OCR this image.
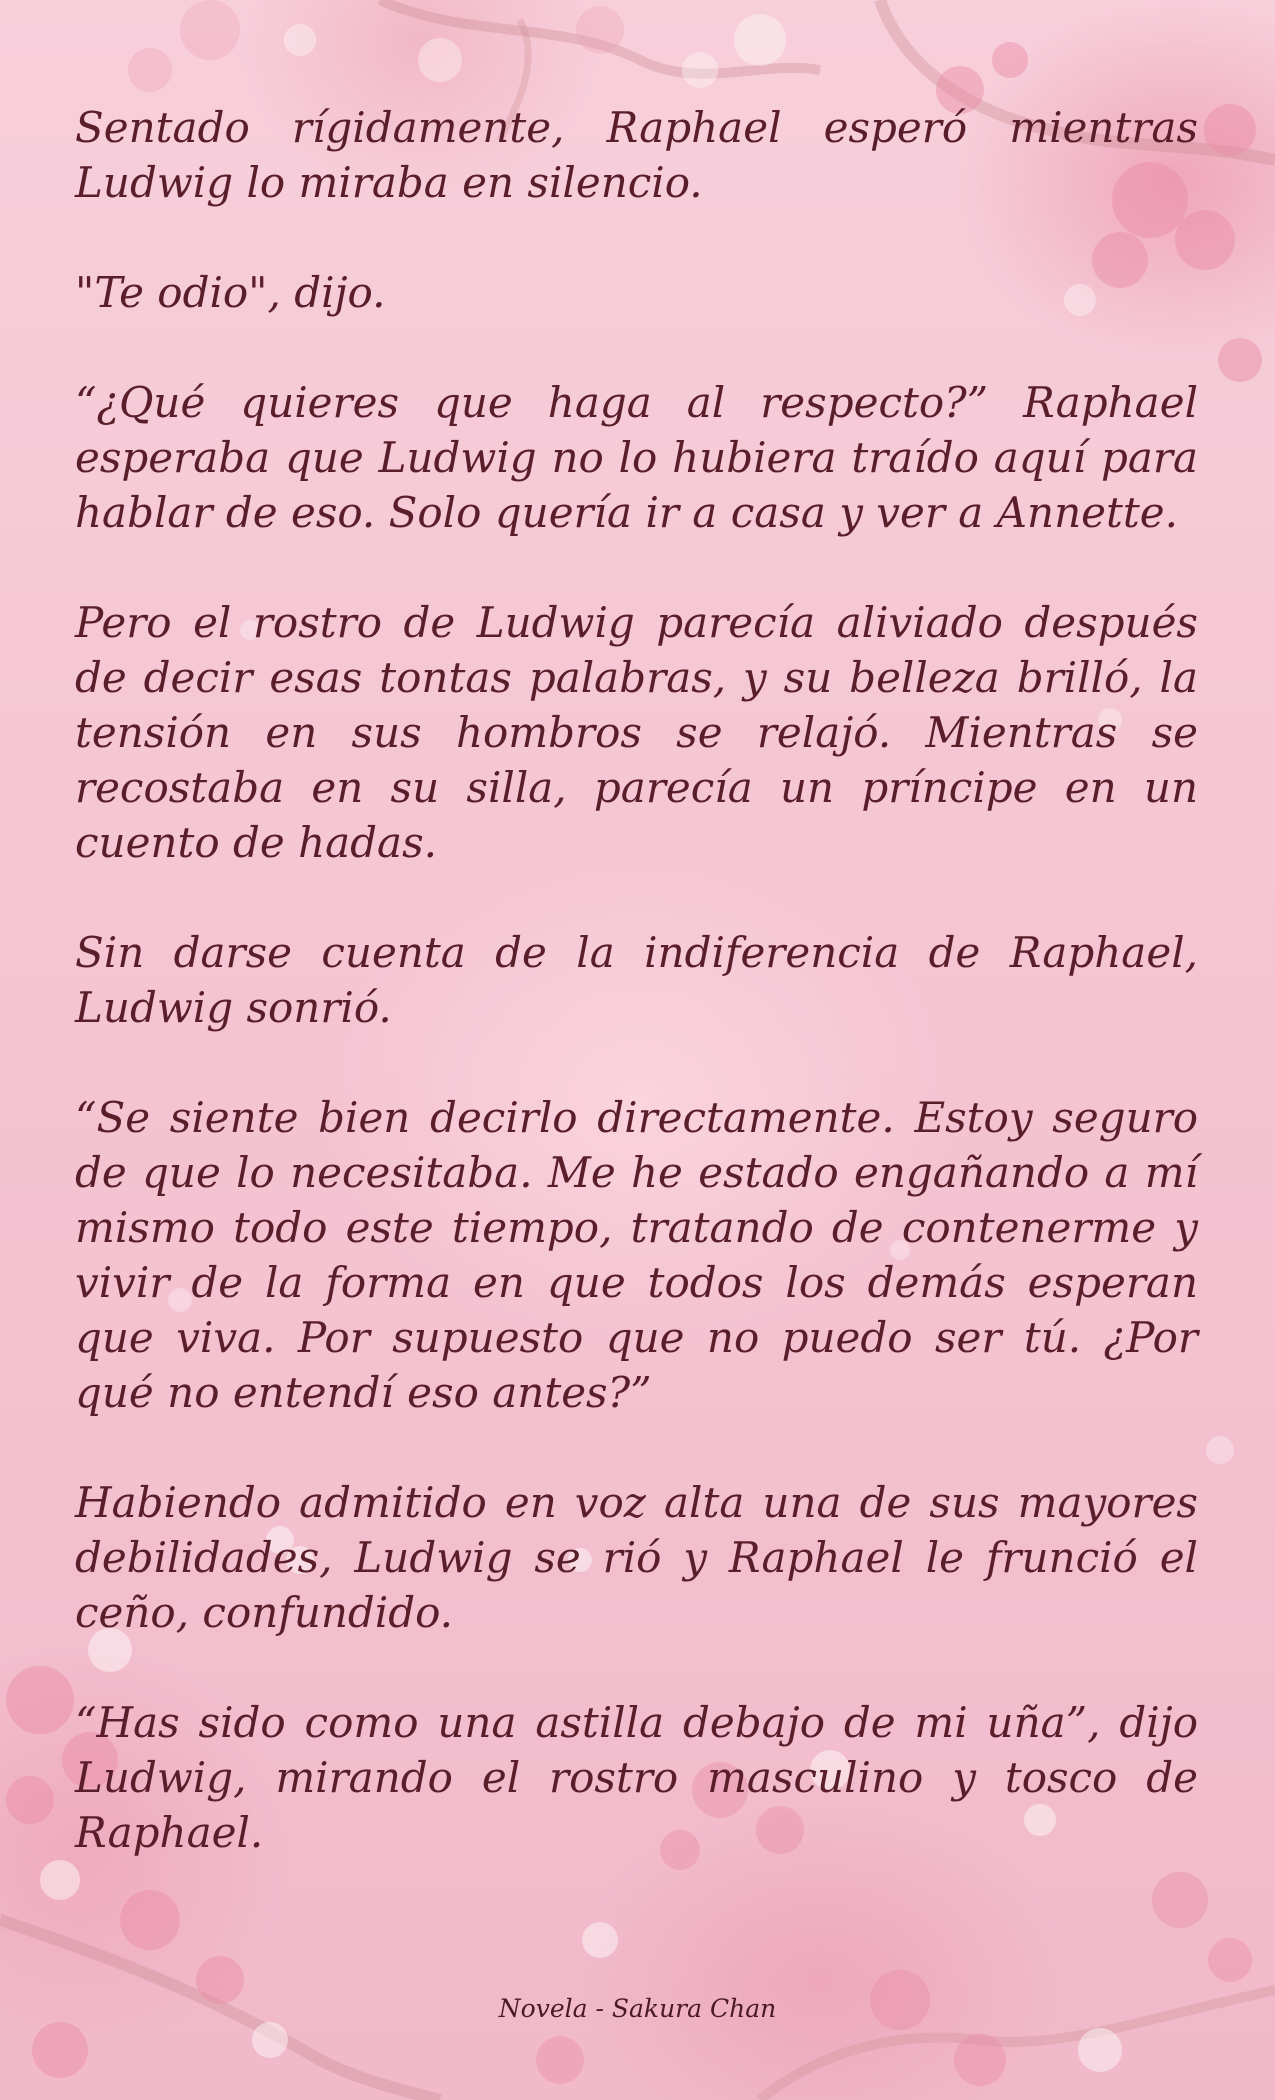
Sentado rígidamente, Raphael esperó mientras Ludwig lo miraba en silencio.

"Te odio", dijo.

“¿Qué quieres que haga al respecto?” Raphael esperaba que Ludwig no lo hubiera traído aquí para hablar de eso. Solo quería ir a casa y ver a Annette.

Pero el rostro de Ludwig parecía aliviado después de decir esas tontas palabras, y su belleza brilló, la tensión en sus hombros se relajó. Mientras se recostaba en su silla, parecía un príncipe en un cuento de hadas.

Sin darse cuenta de la indiferencia de Raphael, Ludwig sonrió.

“Se siente bien decirlo directamente. Estoy seguro de que lo necesitaba. Me he estado engañando a mí mismo todo este tiempo, tratando de contenerme y vivir de la forma en que todos los demás esperan que viva. Por supuesto que no puedo ser tú. ¿Por qué no entendí eso antes?”

Habiendo admitido en voz alta una de sus mayores debilidades, Ludwig se rió y Raphael le frunció el ceño, confundido.

“Has sido como una astilla debajo de mi uña”, dijo Ludwig, mirando el rostro masculino y tosco de Raphael.

Novela - Sakura Chan
